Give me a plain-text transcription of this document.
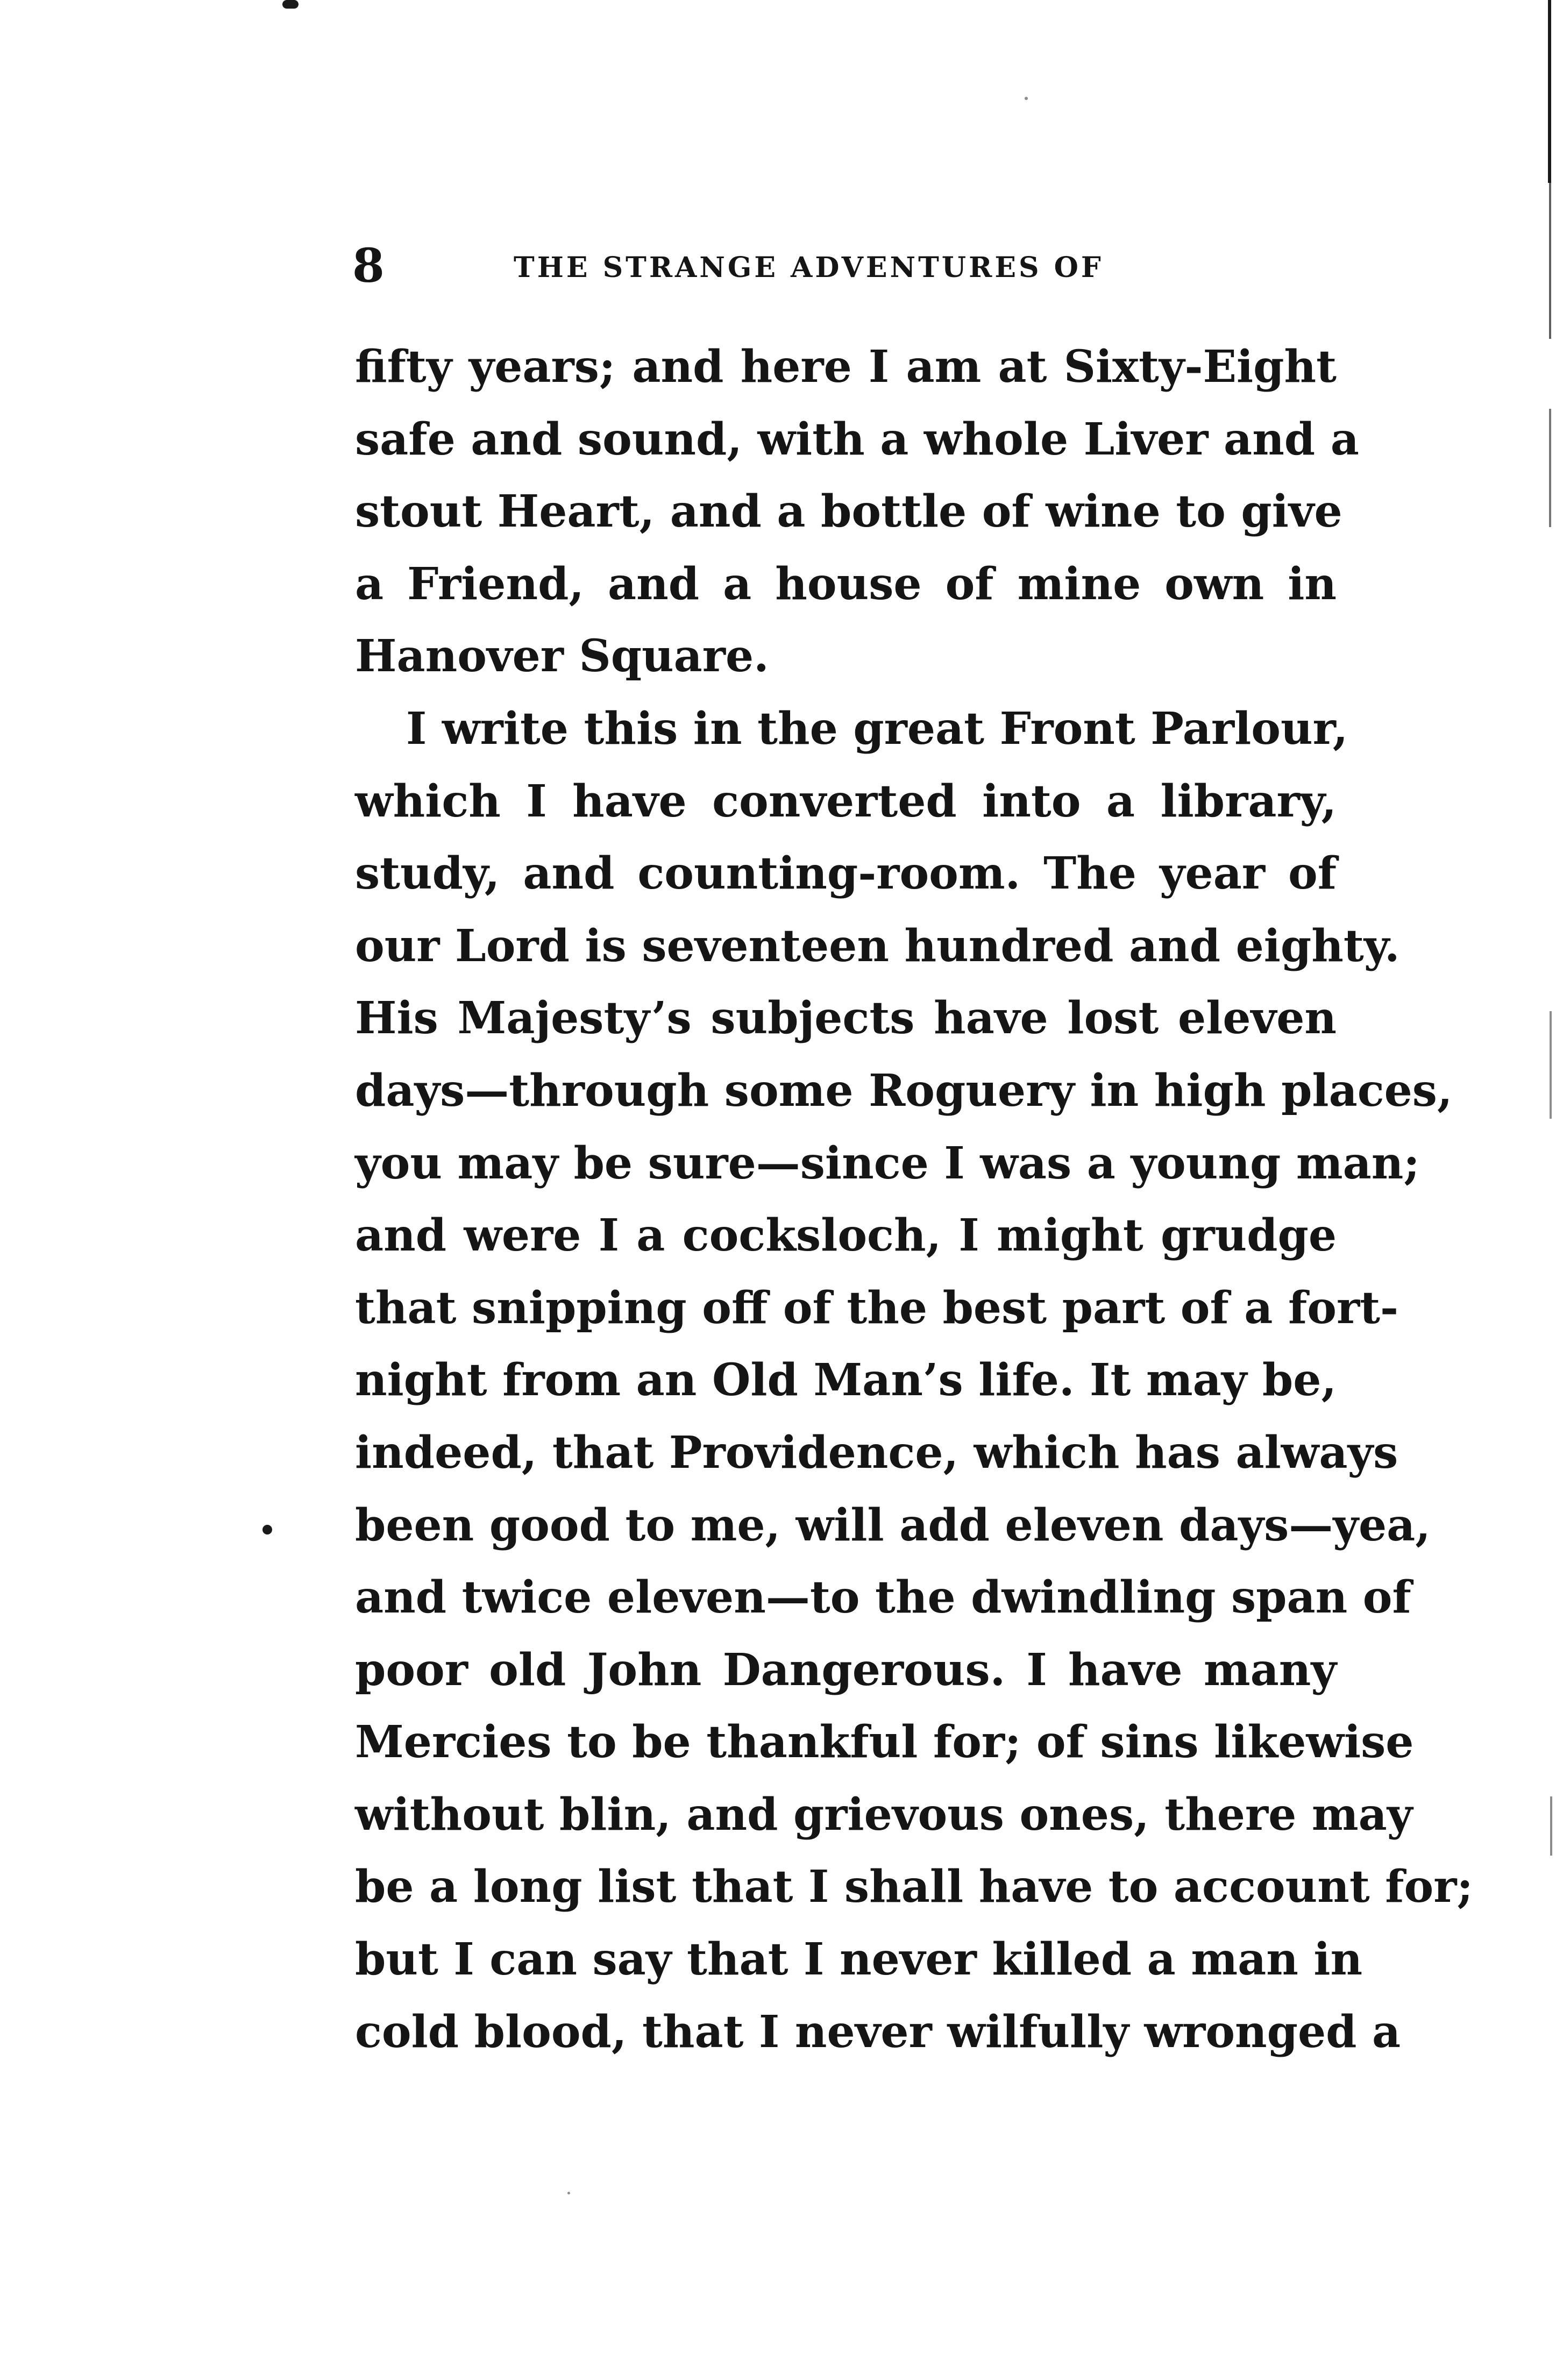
8	THE STRANGE ADVENTURES OF
fifty years; and here I am at Sixty-Eight
safe and sound, with a whole Liver and a
stout Heart, and a bottle of wine to give
a Friend, and a house of mine own in
Hanover Square.
I write this in the great Front Parlour,
which I have converted into a library,
study, and counting-room. The year of
our Lord is seventeen hundred and eighty.
His Majesty’s subjects have lost eleven
days—through some Roguery in high places,
you may be sure—since I was a young man;
and were I a cocksloch, I might grudge
that snipping off of the best part of a fort-
night from an Old Man’s life. It may be,
indeed, that Providence, which has always
been good to me, will add eleven days—yea,
and twice eleven—to the dwindling span of
poor old John Dangerous. I have many
Mercies to be thankful for; of sins likewise
without blin, and grievous ones, there may
be a long list that I shall have to account for;
but I can say that I never killed a man in
cold blood, that I never wilfully wronged a
